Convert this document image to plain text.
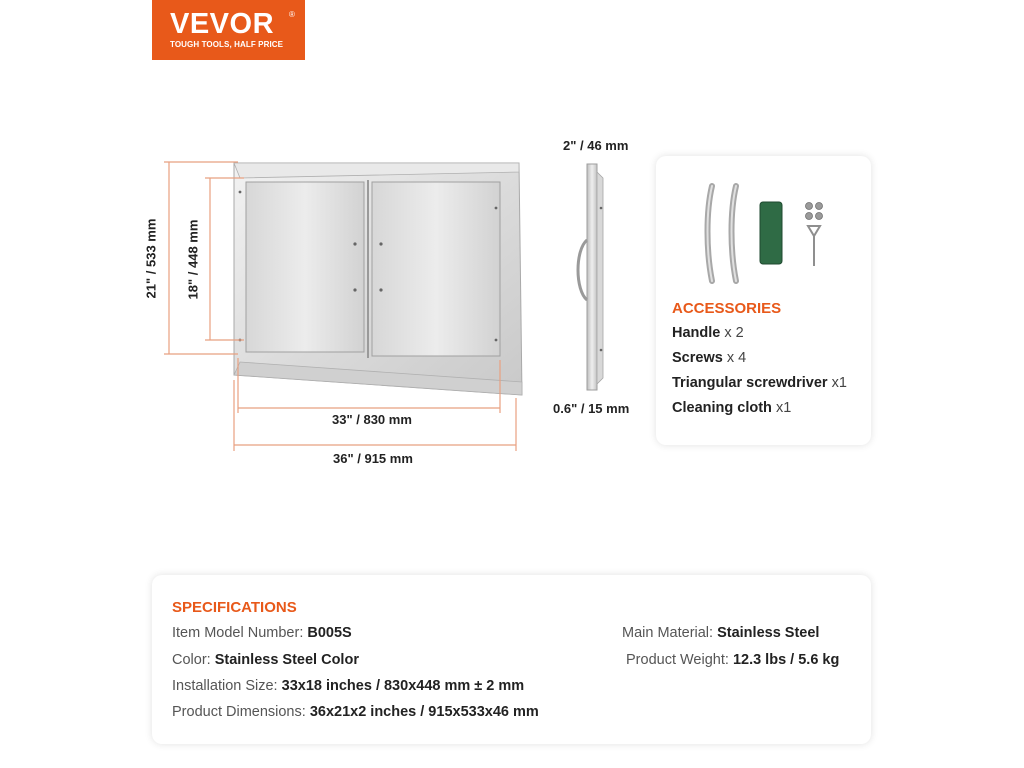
VEVOR ®
TOUGH TOOLS, HALF PRICE
21" / 533 mm 18" / 448 mm
33" / 830 mm
36" / 915 mm
2" / 46 mm
0.6" / 15 mm
ACCESSORIES
Handle x 2
Screws x 4
Triangular screwdriver x1
Cleaning cloth x1
SPECIFICATIONS
Item Model Number: B005S
Color: Stainless Steel Color
Installation Size: 33x18 inches / 830x448 mm ± 2 mm
Product Dimensions: 36x21x2 inches / 915x533x46 mm
Main Material: Stainless Steel
Product Weight: 12.3 lbs / 5.6 kg
